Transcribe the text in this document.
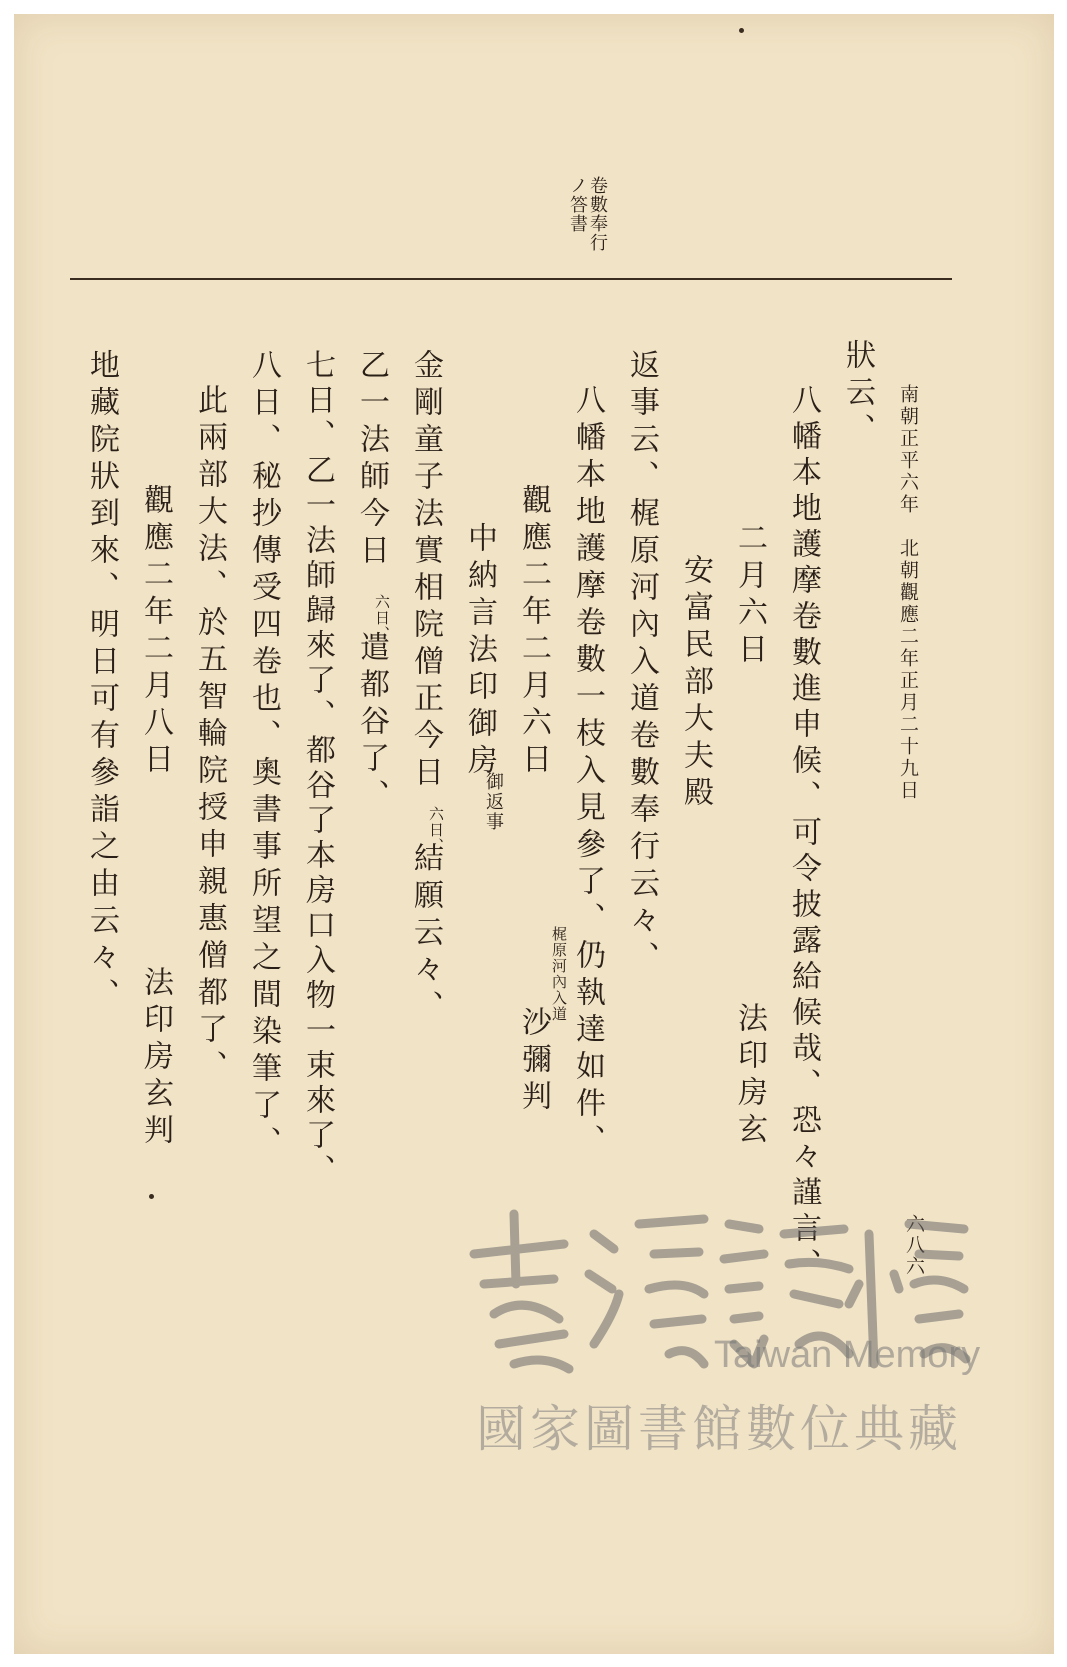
卷數奉行ノ答書
南朝正平六年　北朝觀應二年正月二十九日
狀云、
八幡本地護摩卷數進申候、可令披露給候哉、恐々謹言、
二月六日
法印房玄
安富民部大夫殿
返事云、梶原河內入道卷數奉行云々、
八幡本地護摩卷數一枝入見參了、仍執達如件、
觀應二年二月六日
梶原河內入道
沙彌判
中納言法印御房
御返事
金剛童子法實相院僧正今日
六日、
結願云々、
乙一法師今日
六日、
遣都谷了、
七日、乙一法師歸來了、都谷了本房口入物一束來了、
八日、秘抄傳受四卷也、奧書事所望之間染筆了、
此兩部大法、於五智輪院授申親惠僧都了、
觀應二年二月八日
法印房玄判
地藏院狀到來、明日可有參詣之由云々、
六八六
Taiwan Memory
國家圖書館數位典藏
